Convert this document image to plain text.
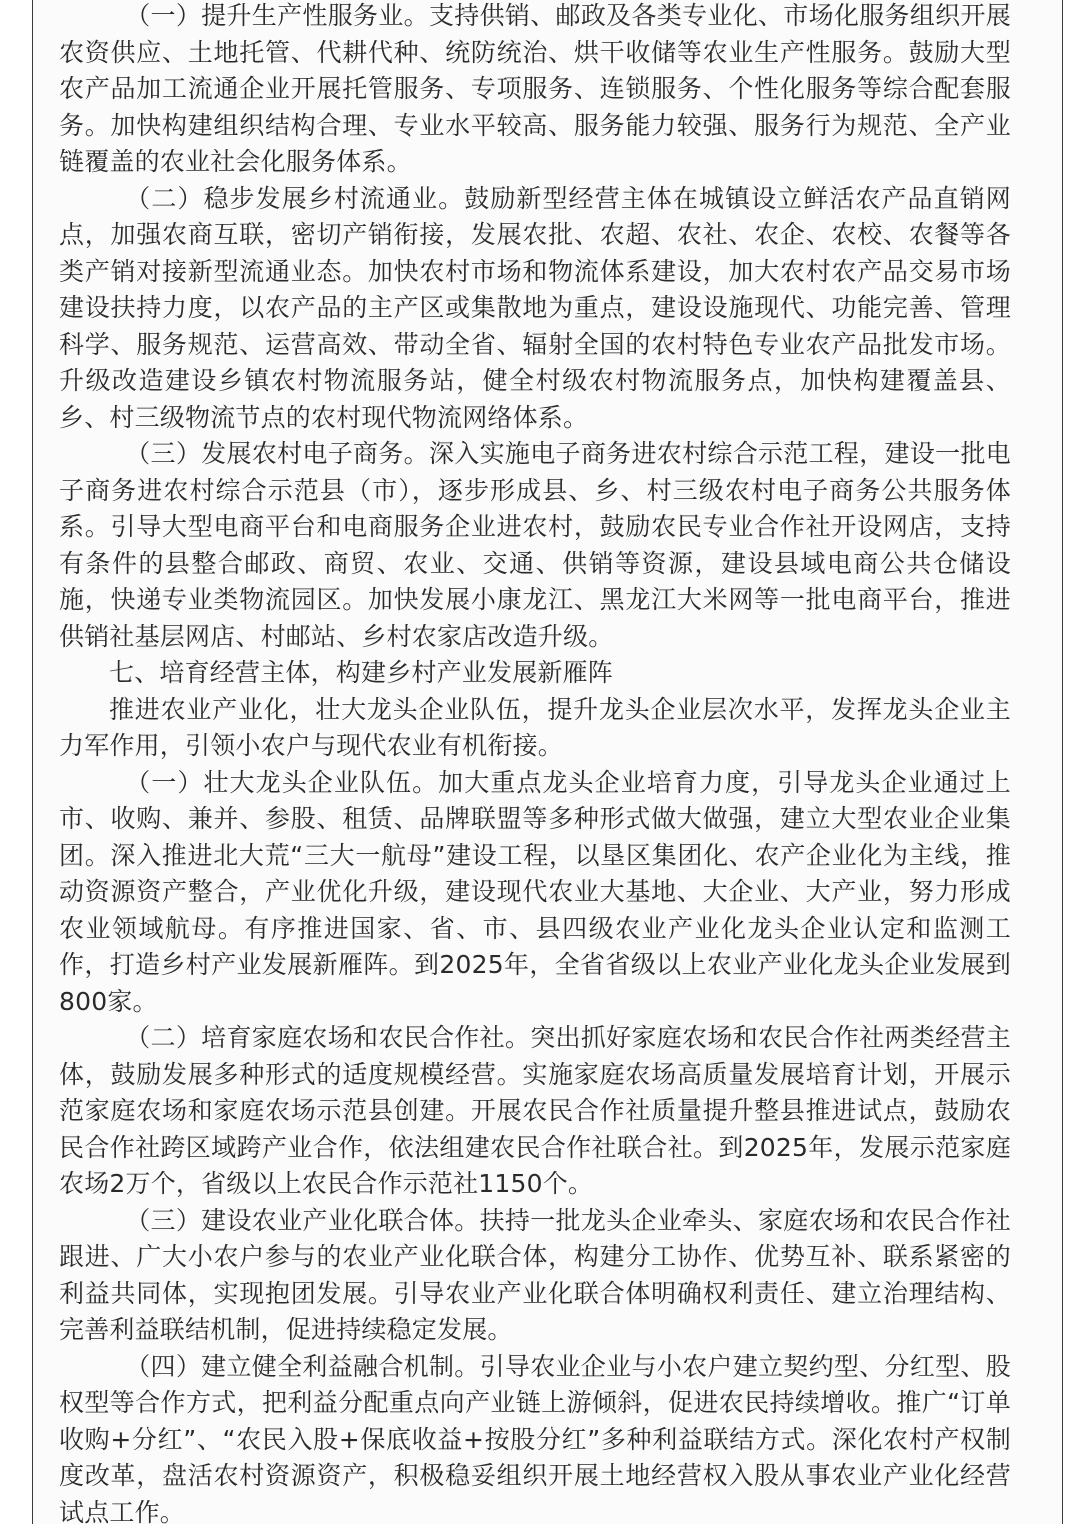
（一）提升生产性服务业。支持供销、邮政及各类专业化、市场化服务组织开展农资供应、土地托管、代耕代种、统防统治、烘干收储等农业生产性服务。鼓励大型农产品加工流通企业开展托管服务、专项服务、连锁服务、个性化服务等综合配套服务。加快构建组织结构合理、专业水平较高、服务能力较强、服务行为规范、全产业链覆盖的农业社会化服务体系。

（二）稳步发展乡村流通业。鼓励新型经营主体在城镇设立鲜活农产品直销网点，加强农商互联，密切产销衔接，发展农批、农超、农社、农企、农校、农餐等各类产销对接新型流通业态。加快农村市场和物流体系建设，加大农村农产品交易市场建设扶持力度，以农产品的主产区或集散地为重点，建设设施现代、功能完善、管理科学、服务规范、运营高效、带动全省、辐射全国的农村特色专业农产品批发市场。升级改造建设乡镇农村物流服务站，健全村级农村物流服务点，加快构建覆盖县、乡、村三级物流节点的农村现代物流网络体系。

（三）发展农村电子商务。深入实施电子商务进农村综合示范工程，建设一批电子商务进农村综合示范县（市），逐步形成县、乡、村三级农村电子商务公共服务体系。引导大型电商平台和电商服务企业进农村，鼓励农民专业合作社开设网店，支持有条件的县整合邮政、商贸、农业、交通、供销等资源，建设县域电商公共仓储设施，快递专业类物流园区。加快发展小康龙江、黑龙江大米网等一批电商平台，推进供销社基层网店、村邮站、乡村农家店改造升级。

七、培育经营主体，构建乡村产业发展新雁阵

推进农业产业化，壮大龙头企业队伍，提升龙头企业层次水平，发挥龙头企业主力军作用，引领小农户与现代农业有机衔接。

（一）壮大龙头企业队伍。加大重点龙头企业培育力度，引导龙头企业通过上市、收购、兼并、参股、租赁、品牌联盟等多种形式做大做强，建立大型农业企业集团。深入推进北大荒“三大一航母”建设工程，以垦区集团化、农产企业化为主线，推动资源资产整合，产业优化升级，建设现代农业大基地、大企业、大产业，努力形成农业领域航母。有序推进国家、省、市、县四级农业产业化龙头企业认定和监测工作，打造乡村产业发展新雁阵。到2025年，全省省级以上农业产业化龙头企业发展到800家。

（二）培育家庭农场和农民合作社。突出抓好家庭农场和农民合作社两类经营主体，鼓励发展多种形式的适度规模经营。实施家庭农场高质量发展培育计划，开展示范家庭农场和家庭农场示范县创建。开展农民合作社质量提升整县推进试点，鼓励农民合作社跨区域跨产业合作，依法组建农民合作社联合社。到2025年，发展示范家庭农场2万个，省级以上农民合作示范社1150个。

（三）建设农业产业化联合体。扶持一批龙头企业牵头、家庭农场和农民合作社跟进、广大小农户参与的农业产业化联合体，构建分工协作、优势互补、联系紧密的利益共同体，实现抱团发展。引导农业产业化联合体明确权利责任、建立治理结构、完善利益联结机制，促进持续稳定发展。

（四）建立健全利益融合机制。引导农业企业与小农户建立契约型、分红型、股权型等合作方式，把利益分配重点向产业链上游倾斜，促进农民持续增收。推广“订单收购+分红”、“农民入股+保底收益+按股分红”多种利益联结方式。深化农村产权制度改革，盘活农村资源资产，积极稳妥组织开展土地经营权入股从事农业产业化经营试点工作。
